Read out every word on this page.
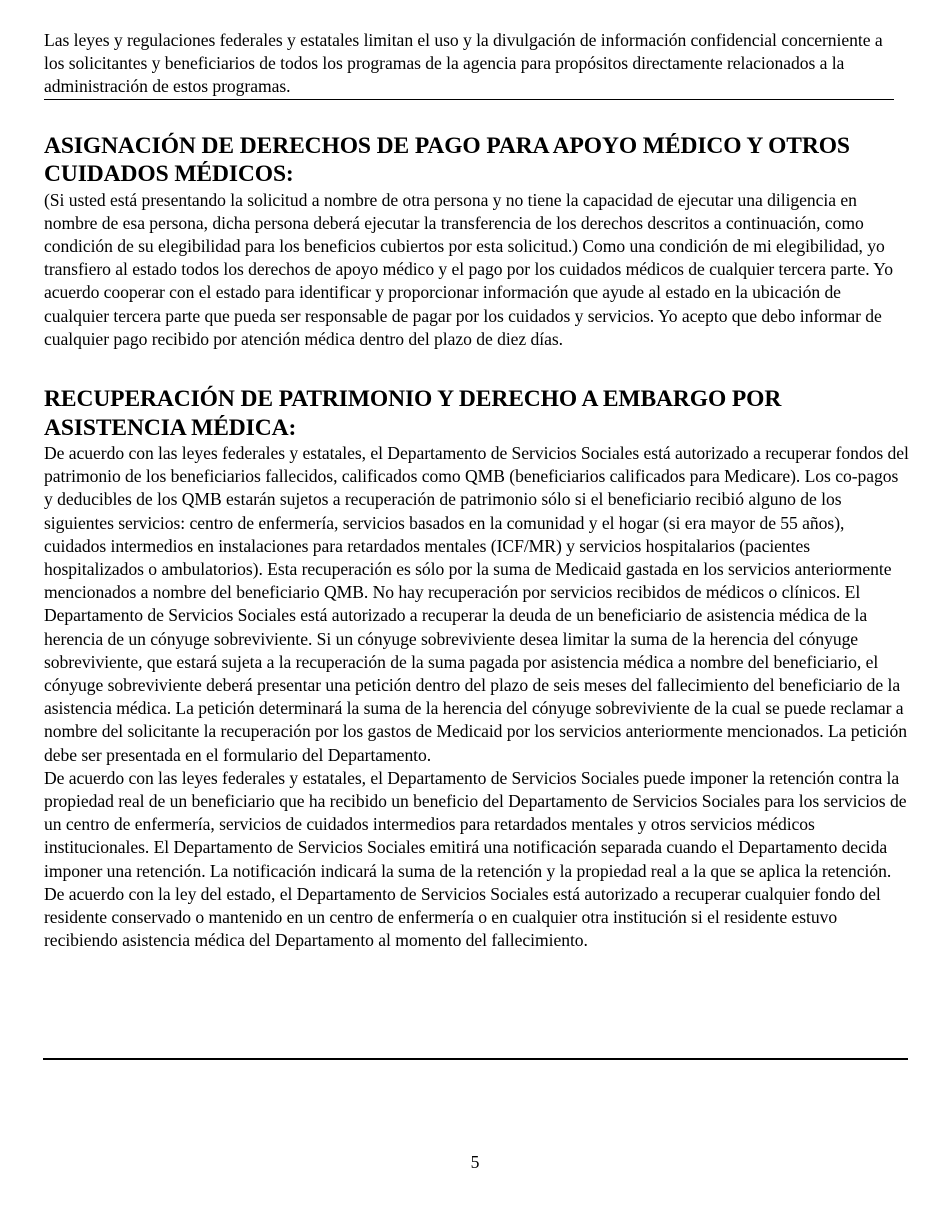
Las leyes y regulaciones federales y estatales limitan el uso y la divulgación de información confidencial concerniente a los solicitantes y beneficiarios de todos los programas de la agencia para propósitos directamente relacionados a la administración de estos programas.

ASIGNACIÓN DE DERECHOS DE PAGO PARA APOYO MÉDICO Y OTROS CUIDADOS MÉDICOS:

(Si usted está presentando la solicitud a nombre de otra persona y no tiene la capacidad de ejecutar una diligencia en nombre de esa persona, dicha persona deberá ejecutar la transferencia de los derechos descritos a continuación, como condición de su elegibilidad para los beneficios cubiertos por esta solicitud.) Como una condición de mi elegibilidad, yo transfiero al estado todos los derechos de apoyo médico y el pago por los cuidados médicos de cualquier tercera parte. Yo acuerdo cooperar con el estado para identificar y proporcionar información que ayude al estado en la ubicación de cualquier tercera parte que pueda ser responsable de pagar por los cuidados y servicios. Yo acepto que debo informar de cualquier pago recibido por atención médica dentro del plazo de diez días.

RECUPERACIÓN DE PATRIMONIO Y DERECHO A EMBARGO POR ASISTENCIA MÉDICA:

De acuerdo con las leyes federales y estatales, el Departamento de Servicios Sociales está autorizado a recuperar fondos del patrimonio de los beneficiarios fallecidos, calificados como QMB (beneficiarios calificados para Medicare). Los co-pagos y deducibles de los QMB estarán sujetos a recuperación de patrimonio sólo si el beneficiario recibió alguno de los siguientes servicios: centro de enfermería, servicios basados en la comunidad y el hogar (si era mayor de 55 años), cuidados intermedios en instalaciones para retardados mentales (ICF/MR) y servicios hospitalarios (pacientes hospitalizados o ambulatorios). Esta recuperación es sólo por la suma de Medicaid gastada en los servicios anteriormente mencionados a nombre del beneficiario QMB. No hay recuperación por servicios recibidos de médicos o clínicos. El Departamento de Servicios Sociales está autorizado a recuperar la deuda de un beneficiario de asistencia médica de la herencia de un cónyuge sobreviviente. Si un cónyuge sobreviviente desea limitar la suma de la herencia del cónyuge sobreviviente, que estará sujeta a la recuperación de la suma pagada por asistencia médica a nombre del beneficiario, el cónyuge sobreviviente deberá presentar una petición dentro del plazo de seis meses del fallecimiento del beneficiario de la asistencia médica. La petición determinará la suma de la herencia del cónyuge sobreviviente de la cual se puede reclamar a nombre del solicitante la recuperación por los gastos de Medicaid por los servicios anteriormente mencionados. La petición debe ser presentada en el formulario del Departamento.

De acuerdo con las leyes federales y estatales, el Departamento de Servicios Sociales puede imponer la retención contra la propiedad real de un beneficiario que ha recibido un beneficio del Departamento de Servicios Sociales para los servicios de un centro de enfermería, servicios de cuidados intermedios para retardados mentales y otros servicios médicos institucionales. El Departamento de Servicios Sociales emitirá una notificación separada cuando el Departamento decida imponer una retención. La notificación indicará la suma de la retención y la propiedad real a la que se aplica la retención.

De acuerdo con la ley del estado, el Departamento de Servicios Sociales está autorizado a recuperar cualquier fondo del residente conservado o mantenido en un centro de enfermería o en cualquier otra institución si el residente estuvo recibiendo asistencia médica del Departamento al momento del fallecimiento.

5
